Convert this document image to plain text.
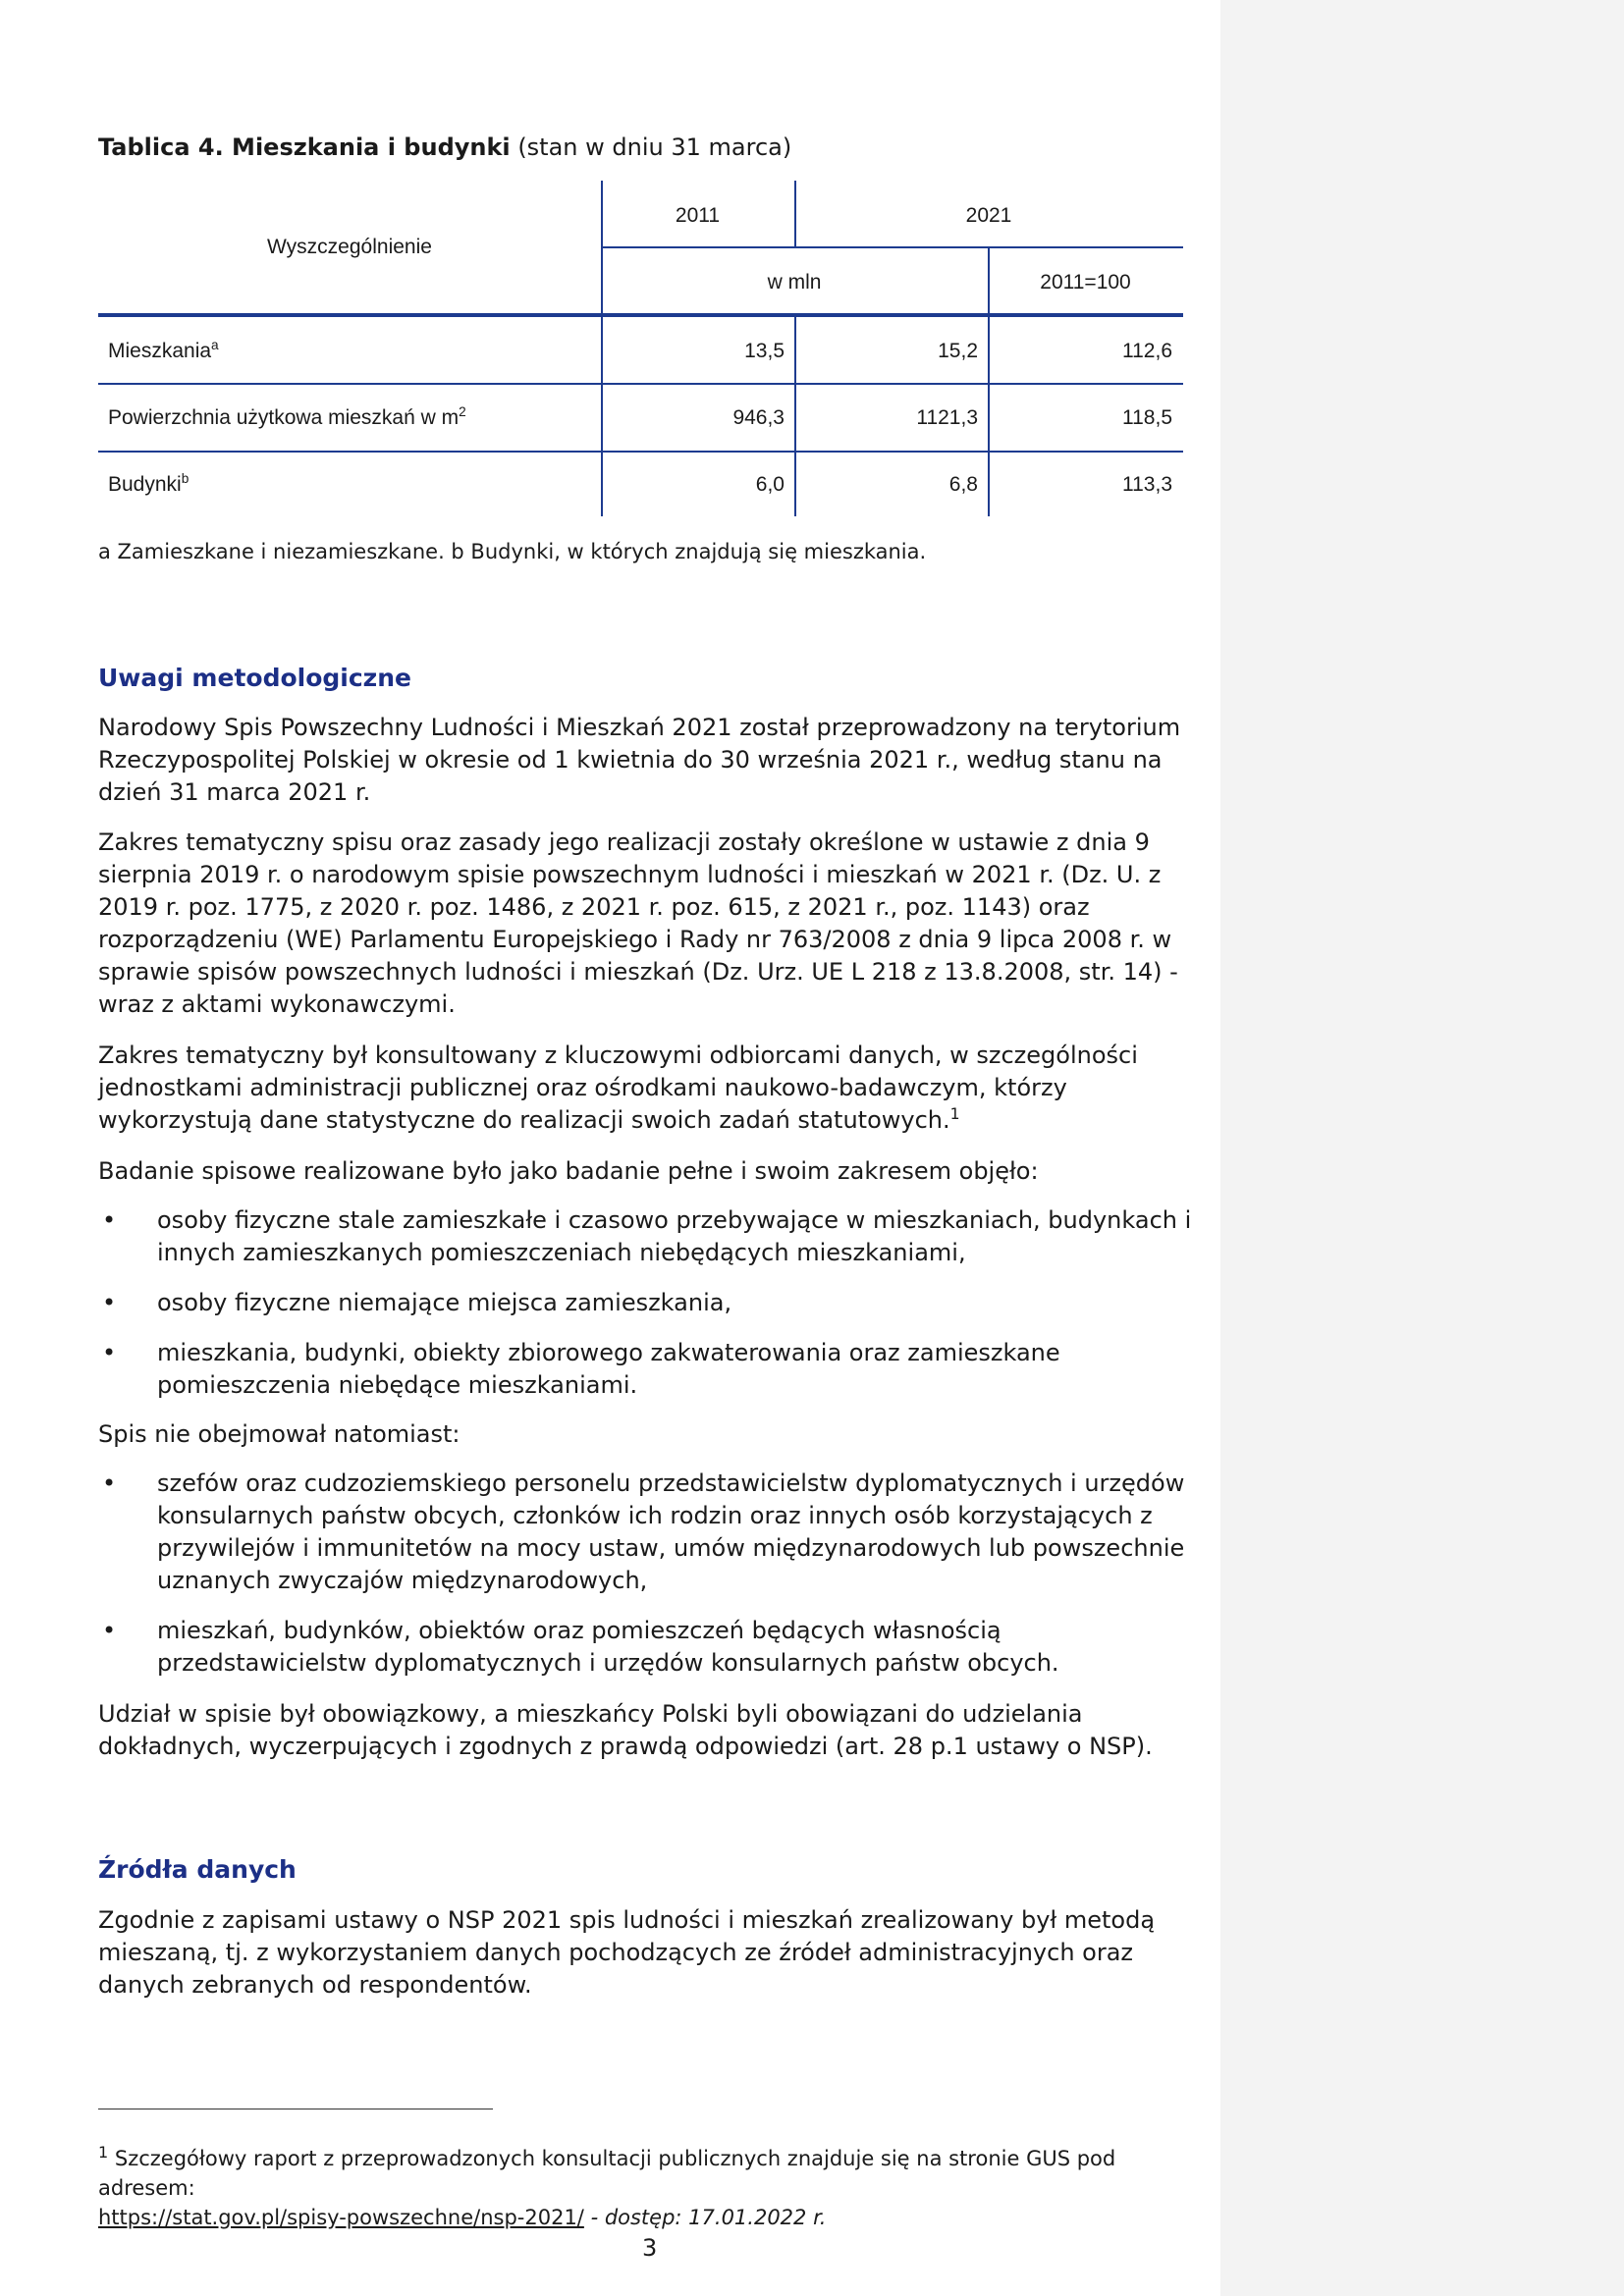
Tablica 4. Mieszkania i budynki (stan w dniu 31 marca)
Wyszczególnienie
2011	2021
w mln	2011=100
Mieszkania$^a$	13,5	15,2	112,6
Powierzchnia użytkowa mieszkań w $m^2$	946,3	1121,3	118,5
Budynki$^b$	6,0	6,8	113,3
a Zamieszkane i niezamieszkane. b Budynki, w których znajdują się mieszkania.
Uwagi metodologiczne

Narodowy Spis Powszechny Ludności i Mieszkań 2021 został przeprowadzony na terytorium Rzeczypospolitej Polskiej w okresie od 1 kwietnia do 30 września 2021 r., według stanu na dzień 31 marca 2021 r.

Zakres tematyczny spisu oraz zasady jego realizacji zostały określone w ustawie z dnia 9 sierpnia 2019 r. o narodowym spisie powszechnym ludności i mieszkań w 2021 r. (Dz. U. z 2019 r. poz. 1775, z 2020 r. poz. 1486, z 2021 r. poz. 615, z 2021 r., poz. 1143) oraz rozporządzeniu (WE) Parlamentu Europejskiego i Rady nr 763/2008 z dnia 9 lipca 2008 r. w sprawie spisów powszechnych ludności i mieszkań (Dz. Urz. UE L 218 z 13.8.2008, str. 14) - wraz z aktami wykonawczymi.

Zakres tematyczny był konsultowany z kluczowymi odbiorcami danych, w szczególności jednostkami administracji publicznej oraz ośrodkami naukowo-badawczym, którzy wykorzystują dane statystyczne do realizacji swoich zadań statutowych.$^1$

Badanie spisowe realizowane było jako badanie pełne i swoim zakresem objęło:

• osoby fizyczne stale zamieszkałe i czasowo przebywające w mieszkaniach, budynkach i innych zamieszkanych pomieszczeniach niebędących mieszkaniami,
• osoby fizyczne niemające miejsca zamieszkania,
• mieszkania, budynki, obiekty zbiorowego zakwaterowania oraz zamieszkane pomieszczenia niebędące mieszkaniami.

Spis nie obejmował natomiast:

• szefów oraz cudzoziemskiego personelu przedstawicielstw dyplomatycznych i urzędów konsularnych państw obcych, członków ich rodzin oraz innych osób korzystających z przywilejów i immunitetów na mocy ustaw, umów międzynarodowych lub powszechnie uznanych zwyczajów międzynarodowych,
• mieszkań, budynków, obiektów oraz pomieszczeń będących własnością przedstawicielstw dyplomatycznych i urzędów konsularnych państw obcych.

Udział w spisie był obowiązkowy, a mieszkańcy Polski byli obowiązani do udzielania dokładnych, wyczerpujących i zgodnych z prawdą odpowiedzi (art. 28 p.1 ustawy o NSP).

Źródła danych

Zgodnie z zapisami ustawy o NSP 2021 spis ludności i mieszkań zrealizowany był metodą mieszaną, tj. z wykorzystaniem danych pochodzących ze źródeł administracyjnych oraz danych zebranych od respondentów.

$^1$ Szczegółowy raport z przeprowadzonych konsultacji publicznych znajduje się na stronie GUS pod adresem:
https://stat.gov.pl/spisy-powszechne/nsp-2021/ - dostęp: 17.01.2022 r.
3
